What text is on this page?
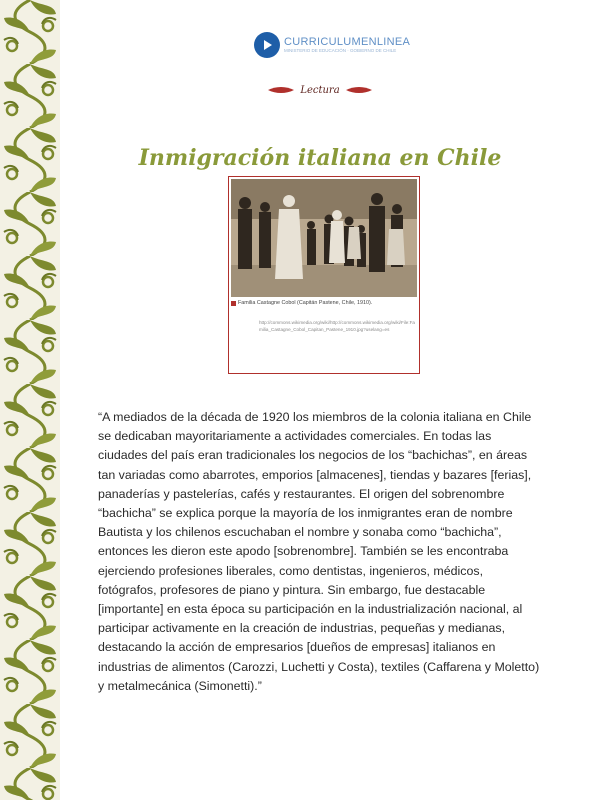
CURRICULUMENLINEA
MINISTERIO DE EDUCACIÓN · GOBIERNO DE CHILE
Lectura
Inmigración italiana en Chile
Familia Castagne Cobol (Capitán Pastene, Chile, 1910).
http://commons.wikimedia.org/wiki/http://commons.wikimedia.org/wiki/File:Familia_Castagne_Cobol_Capitan_Pastene_1910.jpg?uselang=es

“A mediados de la década de 1920 los miembros de la colonia italiana en Chile se dedicaban mayoritariamente a actividades comerciales. En todas las ciudades del país eran tradicionales los negocios de los “bachichas”, en áreas tan variadas como abarrotes, emporios [almacenes], tiendas y bazares [ferias], panaderías y pastelerías, cafés y restaurantes. El origen del sobrenombre “bachicha” se explica porque la mayoría de los inmigrantes eran de nombre Bautista y los chilenos escuchaban el nombre y sonaba como “bachicha”, entonces les dieron este apodo [sobrenombre]. También se les encontraba ejerciendo profesiones liberales, como dentistas, ingenieros, médicos, fotógrafos, profesores de piano y pintura. Sin embargo, fue destacable [importante] en esta época su participación en la industrialización nacional, al participar activamente en la creación de industrias, pequeñas y medianas, destacando la acción de empresarios [dueños de empresas] italianos en industrias de alimentos (Carozzi, Luchetti y Costa), textiles (Caffarena y Moletto) y metalmecánica (Simonetti).”
